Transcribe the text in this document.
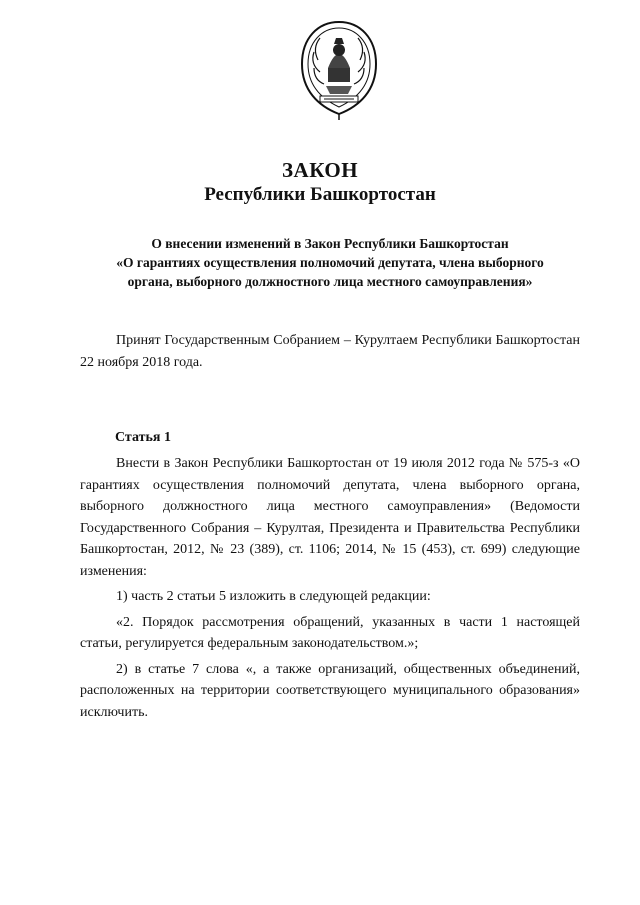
ЗАКОН
Республики Башкортостан
О внесении изменений в Закон Республики Башкортостан
«О гарантиях осуществления полномочий депутата, члена выборного
органа, выборного должностного лица местного самоуправления»
Принят Государственным Собранием – Курултаем Республики Башкортостан 22 ноября 2018 года.
Статья 1

Внести в Закон Республики Башкортостан от 19 июля 2012 года № 575-з «О гарантиях осуществления полномочий депутата, члена выборного органа, выборного должностного лица местного самоуправления» (Ведомости Государственного Собрания – Курултая, Президента и Правительства Республики Башкортостан, 2012, № 23 (389), ст. 1106; 2014, № 15 (453), ст. 699) следующие изменения:

1) часть 2 статьи 5 изложить в следующей редакции:

«2. Порядок рассмотрения обращений, указанных в части 1 настоящей статьи, регулируется федеральным законодательством.»;

2) в статье 7 слова «, а также организаций, общественных объединений, расположенных на территории соответствующего муниципального образования» исключить.
